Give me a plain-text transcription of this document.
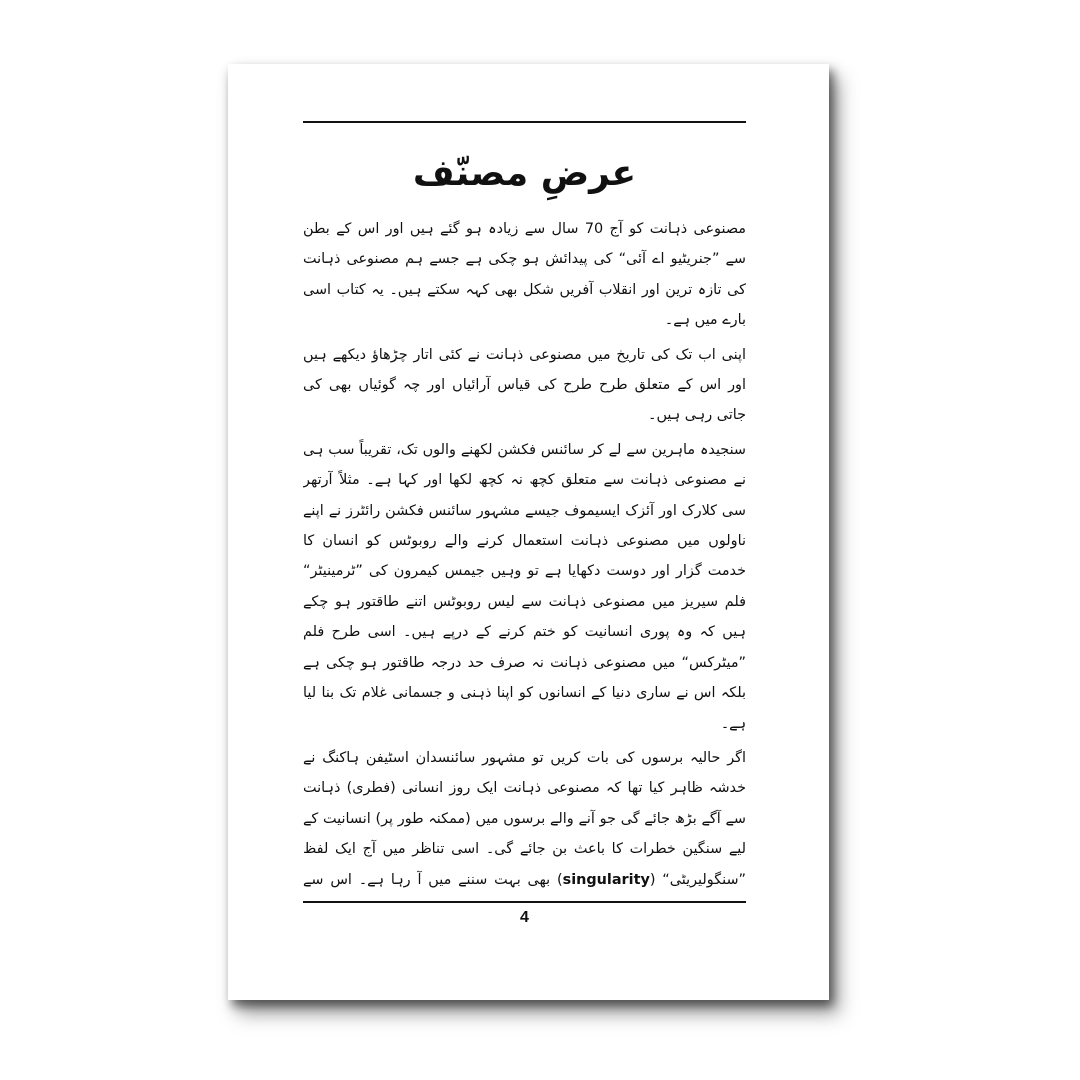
عرضِ مصنّف

مصنوعی ذہانت کو آج 70 سال سے زیادہ ہو گئے ہیں اور اس کے بطن سے ”جنریٹیو اے آئی“ کی پیدائش ہو چکی ہے جسے ہم مصنوعی ذہانت کی تازہ ترین اور انقلاب آفریں شکل بھی کہہ سکتے ہیں۔ یہ کتاب اسی بارے میں ہے۔

اپنی اب تک کی تاریخ میں مصنوعی ذہانت نے کئی اتار چڑھاؤ دیکھے ہیں اور اس کے متعلق طرح طرح کی قیاس آرائیاں اور چہ گوئیاں بھی کی جاتی رہی ہیں۔

سنجیدہ ماہرین سے لے کر سائنس فکشن لکھنے والوں تک، تقریباً سب ہی نے مصنوعی ذہانت سے متعلق کچھ نہ کچھ لکھا اور کہا ہے۔ مثلاً آرتھر سی کلارک اور آئزک ایسیموف جیسے مشہور سائنس فکشن رائٹرز نے اپنے ناولوں میں مصنوعی ذہانت استعمال کرنے والے روبوٹس کو انسان کا خدمت گزار اور دوست دکھایا ہے تو وہیں جیمس کیمرون کی ”ٹرمینیٹر“ فلم سیریز میں مصنوعی ذہانت سے لیس روبوٹس اتنے طاقتور ہو چکے ہیں کہ وہ پوری انسانیت کو ختم کرنے کے درپے ہیں۔ اسی طرح فلم ”میٹرکس“ میں مصنوعی ذہانت نہ صرف حد درجہ طاقتور ہو چکی ہے بلکہ اس نے ساری دنیا کے انسانوں کو اپنا ذہنی و جسمانی غلام تک بنا لیا ہے۔

اگر حالیہ برسوں کی بات کریں تو مشہور سائنسدان اسٹیفن ہاکنگ نے خدشہ ظاہر کیا تھا کہ مصنوعی ذہانت ایک روز انسانی (فطری) ذہانت سے آگے بڑھ جائے گی جو آنے والے برسوں میں (ممکنہ طور پر) انسانیت کے لیے سنگین خطرات کا باعث بن جائے گی۔ اسی تناظر میں آج ایک لفظ ”سنگولیریٹی“ (singularity) بھی بہت سننے میں آ رہا ہے۔ اس سے

4
